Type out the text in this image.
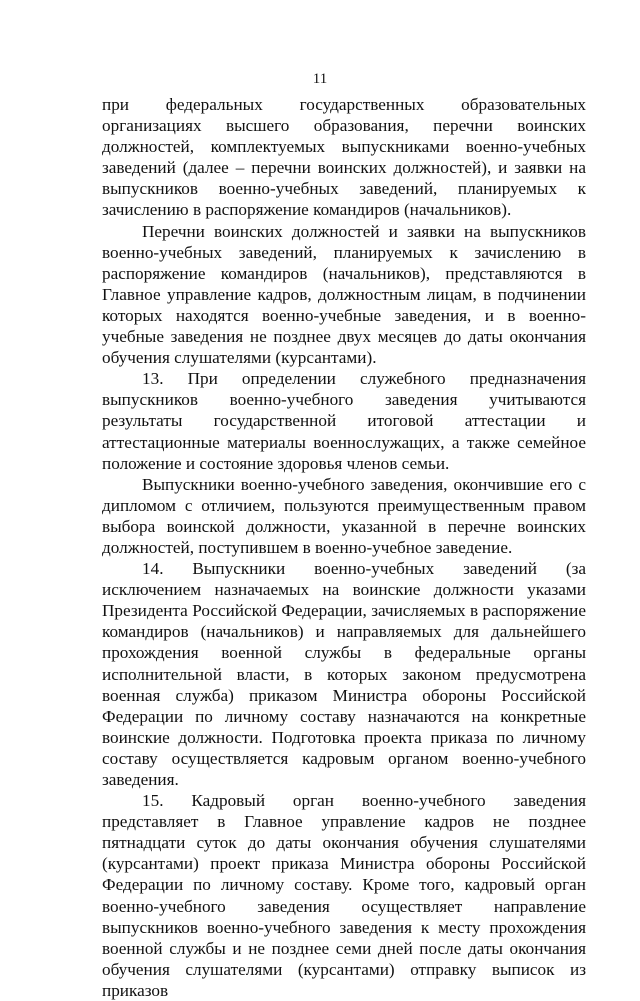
11

при федеральных государственных образовательных организациях высшего образования, перечни воинских должностей, комплектуемых выпускниками военно-учебных заведений (далее – перечни воинских должностей), и заявки на выпускников военно-учебных заведений, планируемых к зачислению в распоряжение командиров (начальников).

Перечни воинских должностей и заявки на выпускников военно-учебных заведений, планируемых к зачислению в распоряжение командиров (начальников), представляются в Главное управление кадров, должностным лицам, в подчинении которых находятся военно-учебные заведения, и в военно-учебные заведения не позднее двух месяцев до даты окончания обучения слушателями (курсантами).

13. При определении служебного предназначения выпускников военно-учебного заведения учитываются результаты государственной итоговой аттестации и аттестационные материалы военнослужащих, а также семейное положение и состояние здоровья членов семьи.

Выпускники военно-учебного заведения, окончившие его с дипломом с отличием, пользуются преимущественным правом выбора воинской должности, указанной в перечне воинских должностей, поступившем в военно-учебное заведение.

14. Выпускники военно-учебных заведений (за исключением назначаемых на воинские должности указами Президента Российской Федерации, зачисляемых в распоряжение командиров (начальников) и направляемых для дальнейшего прохождения военной службы в федеральные органы исполнительной власти, в которых законом предусмотрена военная служба) приказом Министра обороны Российской Федерации по личному составу назначаются на конкретные воинские должности. Подготовка проекта приказа по личному составу осуществляется кадровым органом военно-учебного заведения.

15. Кадровый орган военно-учебного заведения представляет в Главное управление кадров не позднее пятнадцати суток до даты окончания обучения слушателями (курсантами) проект приказа Министра обороны Российской Федерации по личному составу. Кроме того, кадровый орган военно-учебного заведения осуществляет направление выпускников военно-учебного заведения к месту прохождения военной службы и не позднее семи дней после даты окончания обучения слушателями (курсантами) отправку выписок из приказов
